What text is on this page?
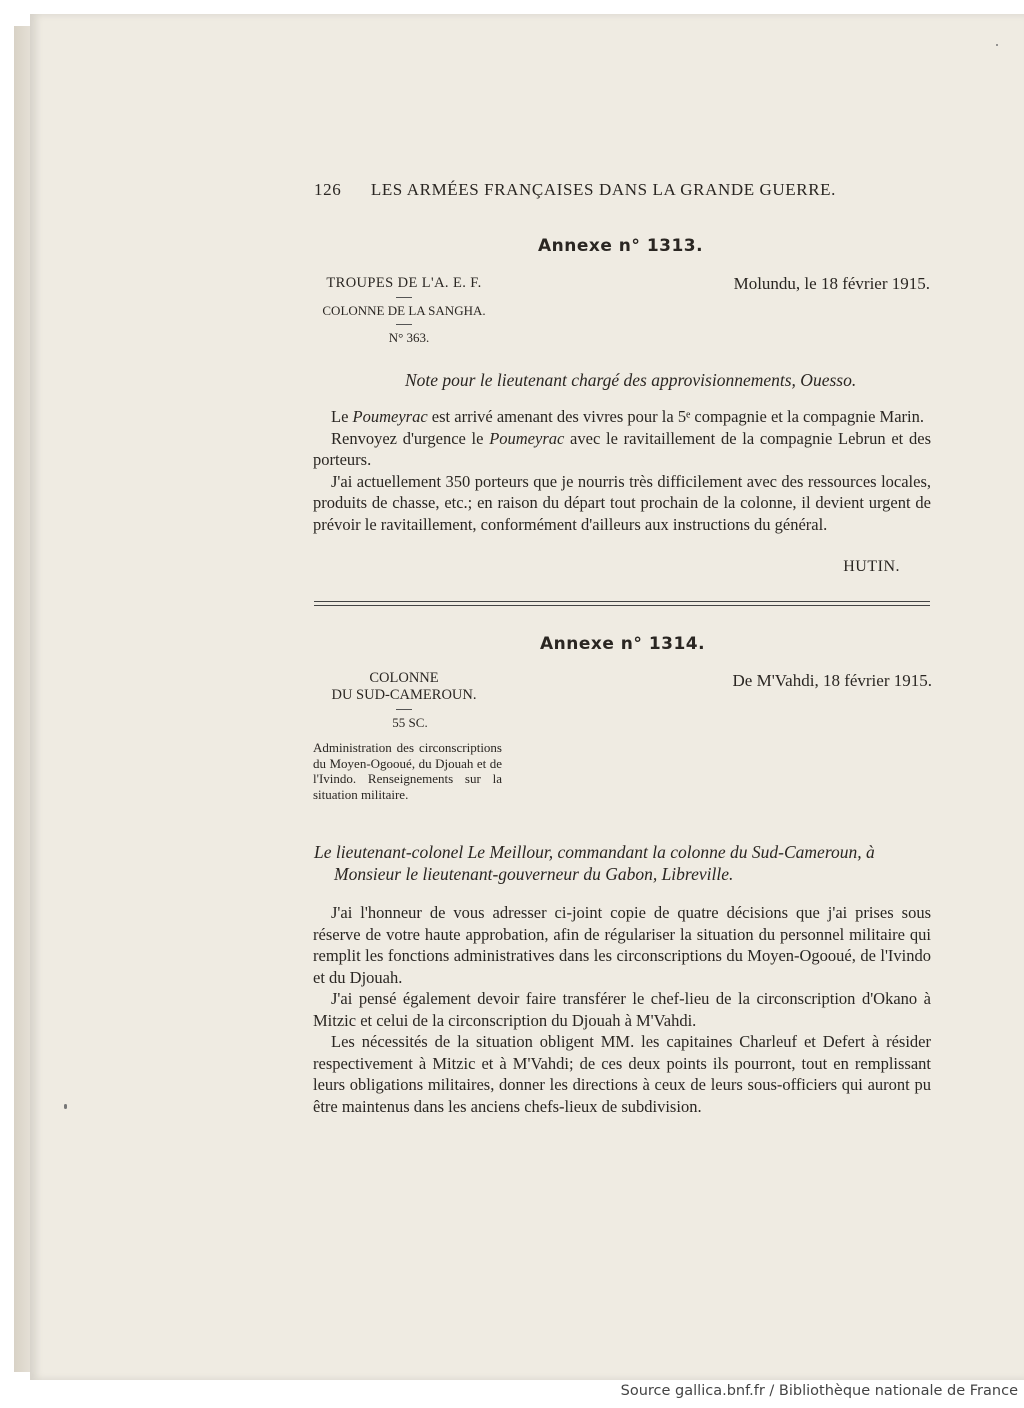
126 LES ARMÉES FRANÇAISES DANS LA GRANDE GUERRE.
Annexe n° 1313.
TROUPES DE L'A. E. F.
COLONNE DE LA SANGHA.
N° 363.
Molundu, le 18 février 1915.
Note pour le lieutenant chargé des approvisionnements, Ouesso.

Le Poumeyrac est arrivé amenant des vivres pour la 5ᵉ compagnie et la compagnie Marin.

Renvoyez d'urgence le Poumeyrac avec le ravitaillement de la compagnie Lebrun et des porteurs.

J'ai actuellement 350 porteurs que je nourris très difficilement avec des ressources locales, produits de chasse, etc.; en raison du départ tout prochain de la colonne, il devient urgent de prévoir le ravitaillement, conformément d'ailleurs aux instructions du général.

HUTIN.
Annexe n° 1314.
COLONNE
DU SUD-CAMEROUN.
55 SC.
De M'Vahdi, 18 février 1915.

Administration des circonscriptions du Moyen-Ogooué, du Djouah et de l'Ivindo. Renseignements sur la situation militaire.

Le lieutenant-colonel Le Meillour, commandant la colonne du Sud-Cameroun, à
Monsieur le lieutenant-gouverneur du Gabon, Libreville.

J'ai l'honneur de vous adresser ci-joint copie de quatre décisions que j'ai prises sous réserve de votre haute approbation, afin de régulariser la situation du personnel militaire qui remplit les fonctions administratives dans les circonscriptions du Moyen-Ogooué, de l'Ivindo et du Djouah.

J'ai pensé également devoir faire transférer le chef-lieu de la circonscription d'Okano à Mitzic et celui de la circonscription du Djouah à M'Vahdi.

Les nécessités de la situation obligent MM. les capitaines Charleuf et Defert à résider respectivement à Mitzic et à M'Vahdi; de ces deux points ils pourront, tout en remplissant leurs obligations militaires, donner les directions à ceux de leurs sous-officiers qui auront pu être maintenus dans les anciens chefs-lieux de subdivision.

Source gallica.bnf.fr / Bibliothèque nationale de France
